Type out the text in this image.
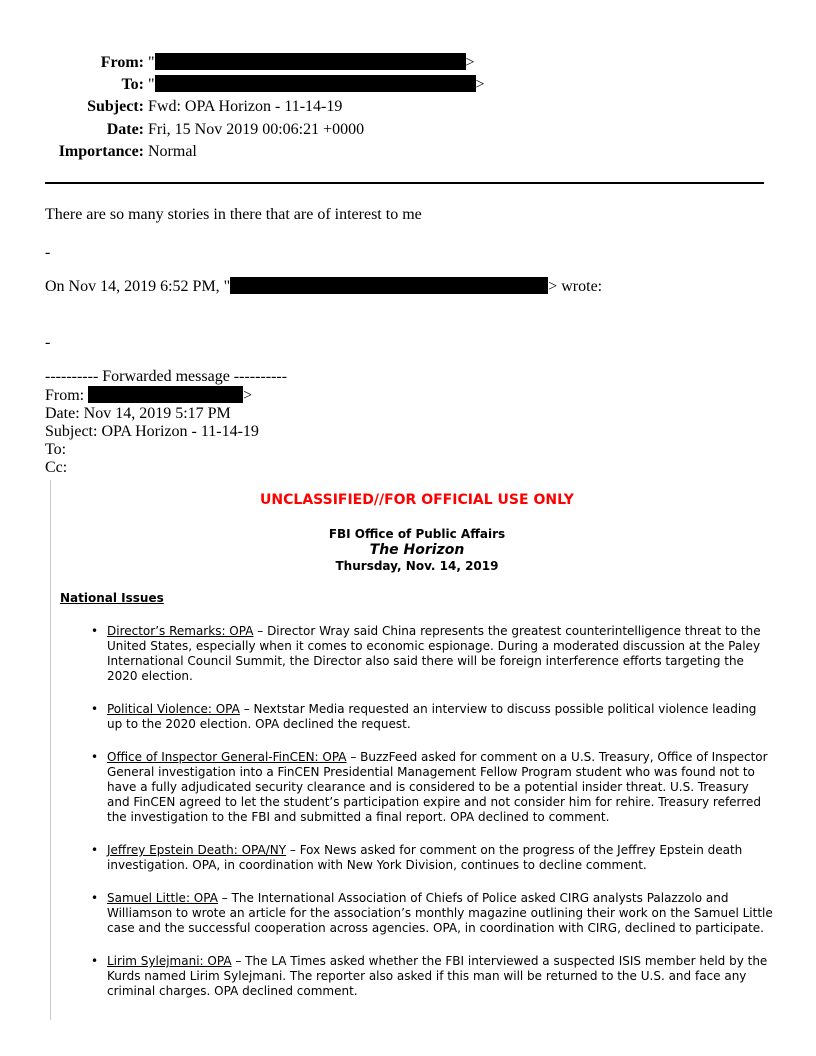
From: "	>
To: "	>
Subject: Fwd: OPA Horizon - 11-14-19
Date: Fri, 15 Nov 2019 00:06:21 +0000
Importance: Normal
There are so many stories in there that are of interest to me
-
On Nov 14, 2019 6:52 PM, "	> wrote:
-
---------- Forwarded message ----------
From:	>
Date: Nov 14, 2019 5:17 PM
Subject: OPA Horizon - 11-14-19
To:
Cc:
UNCLASSIFIED//FOR OFFICIAL USE ONLY
FBI Office of Public Affairs
The Horizon
Thursday, Nov. 14, 2019
National Issues
• Director’s Remarks: OPA – Director Wray said China represents the greatest counterintelligence threat to the United States, especially when it comes to economic espionage. During a moderated discussion at the Paley International Council Summit, the Director also said there will be foreign interference efforts targeting the 2020 election.
• Political Violence: OPA – Nextstar Media requested an interview to discuss possible political violence leading up to the 2020 election. OPA declined the request.
• Office of Inspector General-FinCEN: OPA – BuzzFeed asked for comment on a U.S. Treasury, Office of Inspector General investigation into a FinCEN Presidential Management Fellow Program student who was found not to have a fully adjudicated security clearance and is considered to be a potential insider threat. U.S. Treasury and FinCEN agreed to let the student’s participation expire and not consider him for rehire. Treasury referred the investigation to the FBI and submitted a final report. OPA declined to comment.
• Jeffrey Epstein Death: OPA/NY – Fox News asked for comment on the progress of the Jeffrey Epstein death investigation. OPA, in coordination with New York Division, continues to decline comment.
• Samuel Little: OPA – The International Association of Chiefs of Police asked CIRG analysts Palazzolo and Williamson to wrote an article for the association’s monthly magazine outlining their work on the Samuel Little case and the successful cooperation across agencies. OPA, in coordination with CIRG, declined to participate.
• Lirim Sylejmani: OPA – The LA Times asked whether the FBI interviewed a suspected ISIS member held by the Kurds named Lirim Sylejmani. The reporter also asked if this man will be returned to the U.S. and face any criminal charges. OPA declined comment.
